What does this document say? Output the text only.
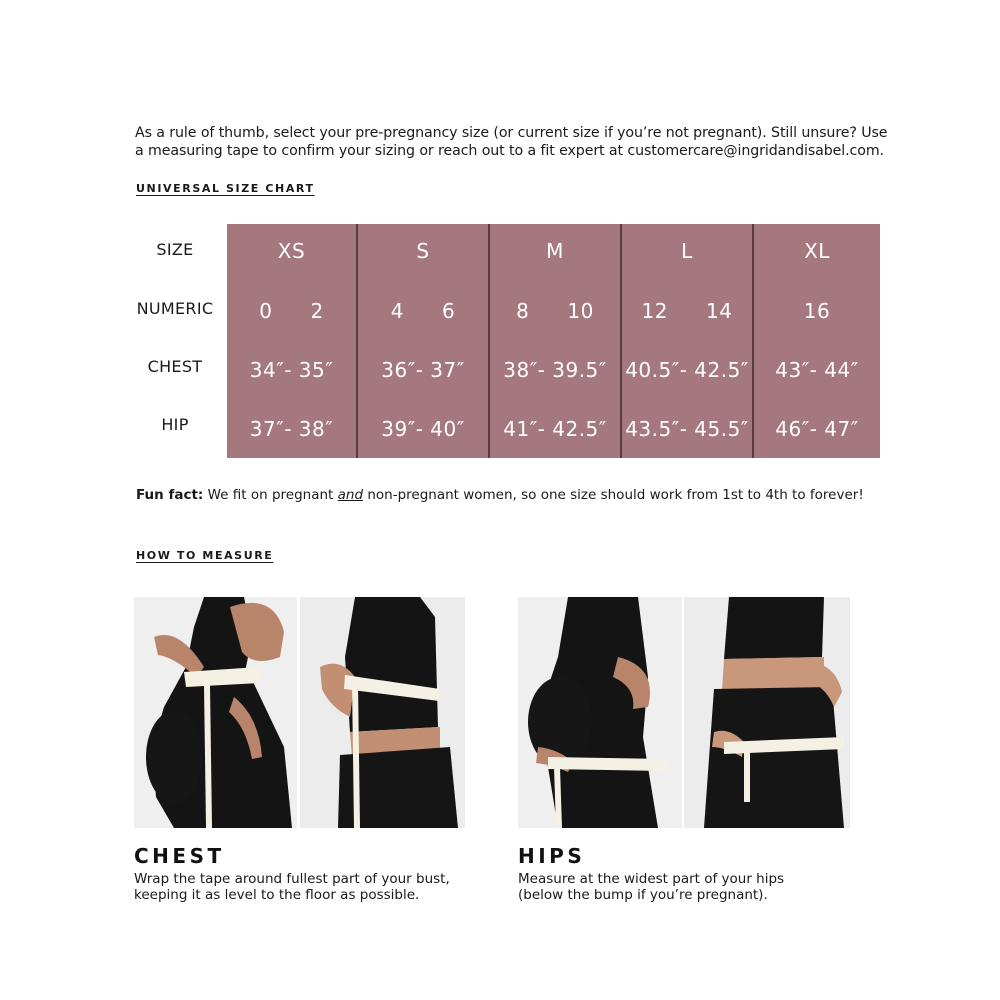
As a rule of thumb, select your pre-pregnancy size (or current size if you’re not pregnant). Still unsure? Use

a measuring tape to confirm your sizing or reach out to a fit expert at customercare@ingridandisabel.com.

UNIVERSAL SIZE CHART
SIZE
NUMERIC
CHEST
HIP
XS
0 2
34″- 35″
37″- 38″
S
4 6
36″- 37″
39″- 40″
M
8 10
38″- 39.5″
41″- 42.5″
L
12 14
40.5″- 42.5″
43.5″- 45.5″
XL
16
43″- 44″
46″- 47″
Fun fact: We fit on pregnant and non-pregnant women, so one size should work from 1st to 4th to forever!
HOW TO MEASURE
CHEST

Wrap the tape around fullest part of your bust,

keeping it as level to the floor as possible.

HIPS

Measure at the widest part of your hips

(below the bump if you’re pregnant).
